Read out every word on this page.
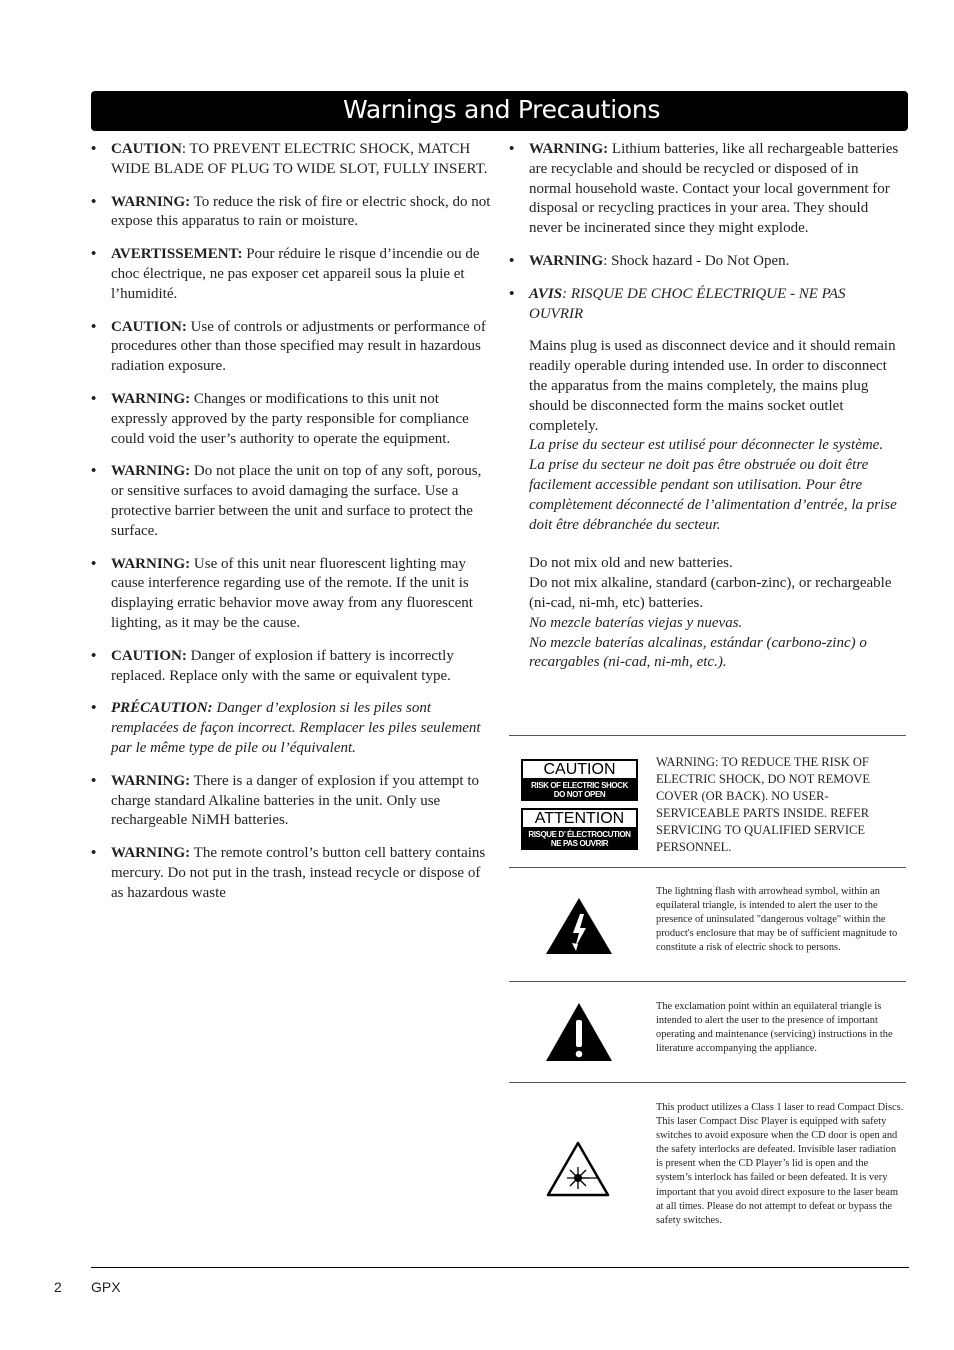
Warnings and Precautions
• CAUTION: TO PREVENT ELECTRIC SHOCK, MATCH WIDE BLADE OF PLUG TO WIDE SLOT, FULLY INSERT.
• WARNING: To reduce the risk of fire or electric shock, do not expose this apparatus to rain or moisture.
• AVERTISSEMENT: Pour réduire le risque d’incendie ou de choc électrique, ne pas exposer cet appareil sous la pluie et l’humidité.
• CAUTION: Use of controls or adjustments or performance of procedures other than those specified may result in hazardous radiation exposure.
• WARNING: Changes or modifications to this unit not expressly approved by the party responsible for compliance could void the user’s authority to operate the equipment.
• WARNING: Do not place the unit on top of any soft, porous, or sensitive surfaces to avoid damaging the surface. Use a protective barrier between the unit and surface to protect the surface.
• WARNING: Use of this unit near fluorescent lighting may cause interference regarding use of the remote. If the unit is displaying erratic behavior move away from any fluorescent lighting, as it may be the cause.
• CAUTION: Danger of explosion if battery is incorrectly replaced. Replace only with the same or equivalent type.
• PRÉCAUTION: Danger d’explosion si les piles sont remplacées de façon incorrect. Remplacer les piles seulement par le même type de pile ou l’équivalent.
• WARNING: There is a danger of explosion if you attempt to charge standard Alkaline batteries in the unit. Only use rechargeable NiMH batteries.
• WARNING: The remote control’s button cell battery contains mercury. Do not put in the trash, instead recycle or dispose of as hazardous waste
• WARNING: Lithium batteries, like all rechargeable batteries are recyclable and should be recycled or disposed of in normal household waste. Contact your local government for disposal or recycling practices in your area. They should never be incinerated since they might explode.
• WARNING: Shock hazard - Do Not Open.
• AVIS: RISQUE DE CHOC ÉLECTRIQUE - NE PAS OUVRIR
Mains plug is used as disconnect device and it should remain readily operable during intended use. In order to disconnect the apparatus from the mains completely, the mains plug should be disconnected form the mains socket outlet completely.
La prise du secteur est utilisé pour déconnecter le système.
La prise du secteur ne doit pas être obstruée ou doit être facilement accessible pendant son utilisation. Pour être complètement déconnecté de l’alimentation d’entrée, la prise doit être débranchée du secteur.
Do not mix old and new batteries.
Do not mix alkaline, standard (carbon-zinc), or rechargeable (ni-cad, ni-mh, etc) batteries.
No mezcle baterías viejas y nuevas.
No mezcle baterías alcalinas, estándar (carbono-zinc) o recargables (ni-cad, ni-mh, etc.).
CAUTION
RISK OF ELECTRIC SHOCK
DO NOT OPEN
ATTENTION
RISQUE D’ ÉLECTROCUTION
NE PAS OUVRIR
WARNING: TO REDUCE THE RISK OF ELECTRIC SHOCK, DO NOT REMOVE COVER (OR BACK). NO USER-SERVICEABLE PARTS INSIDE. REFER SERVICING TO QUALIFIED SERVICE PERSONNEL.
The lightning flash with arrowhead symbol, within an equilateral triangle, is intended to alert the user to the presence of uninsulated "dangerous voltage" within the product's enclosure that may be of sufficient magnitude to constitute a risk of electric shock to persons.
The exclamation point within an equilateral triangle is intended to alert the user to the presence of important operating and maintenance (servicing) instructions in the literature accompanying the appliance.
This product utilizes a Class 1 laser to read Compact Discs. This laser Compact Disc Player is equipped with safety switches to avoid exposure when the CD door is open and the safety interlocks are defeated. Invisible laser radiation is present when the CD Player’s lid is open and the system’s interlock has failed or been defeated. It is very important that you avoid direct exposure to the laser beam at all times. Please do not attempt to defeat or bypass the safety switches.
2 GPX
